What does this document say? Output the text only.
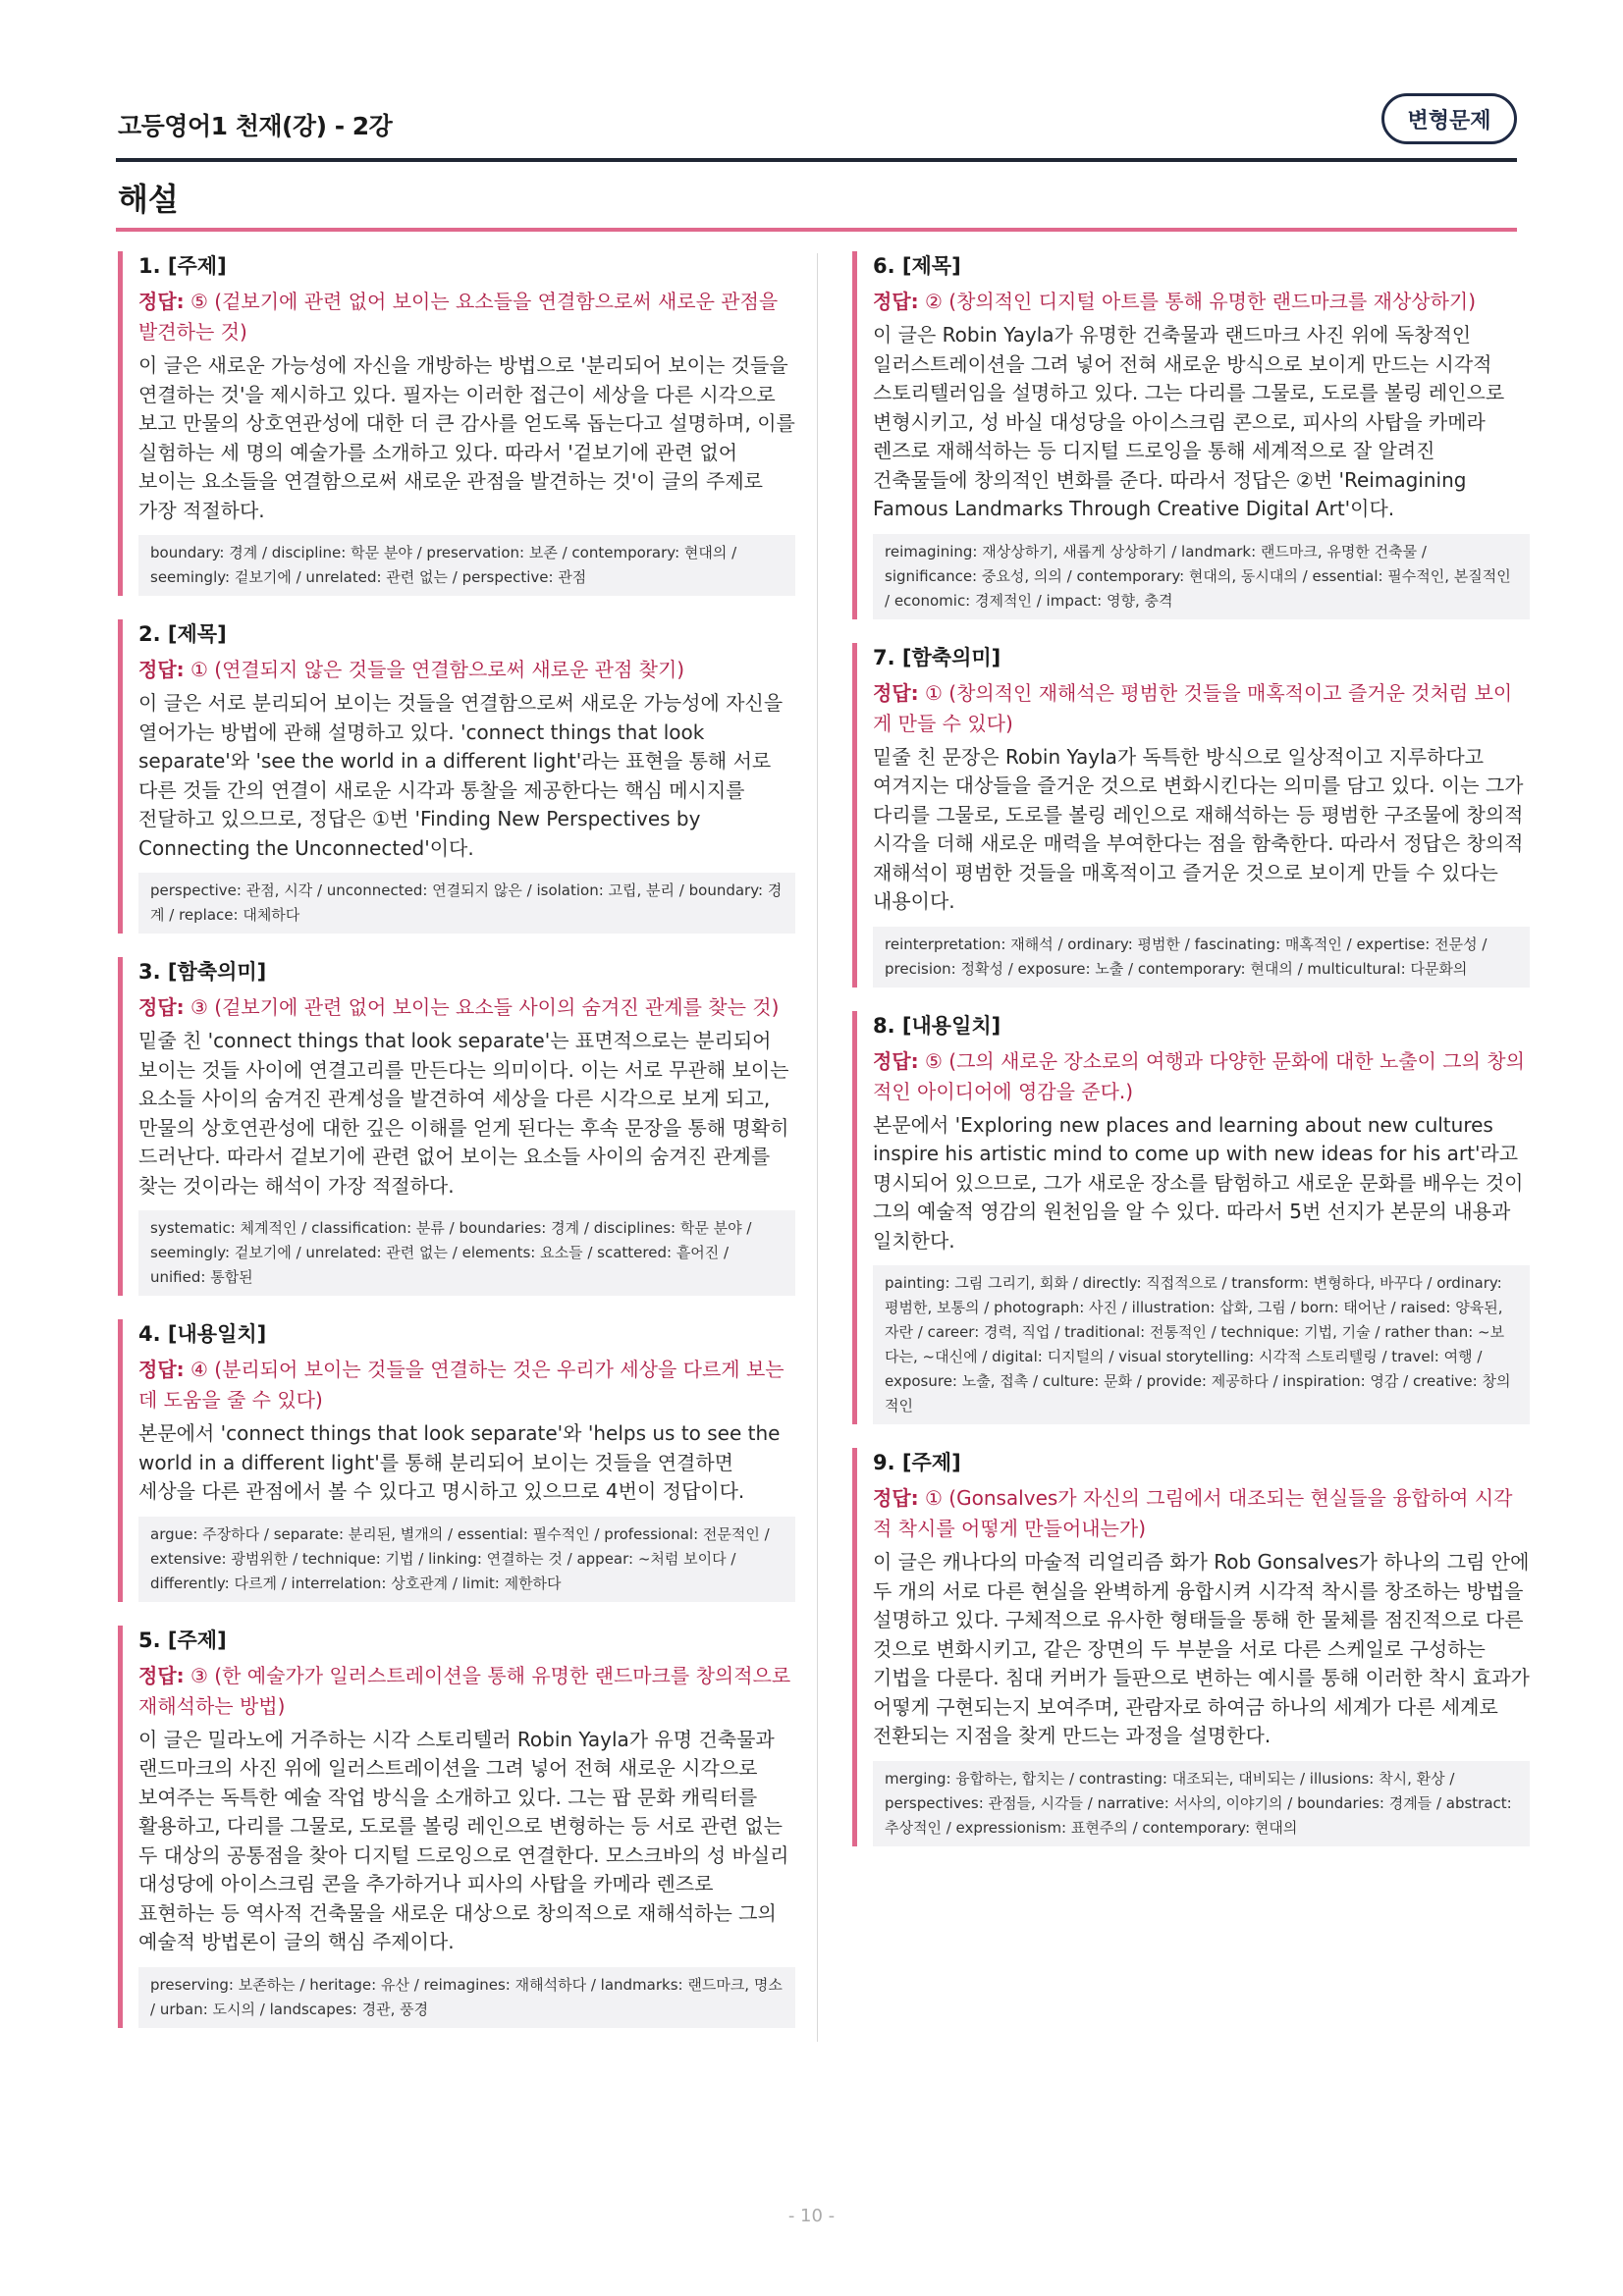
고등영어1 천재(강) - 2강	변형문제
해설
1. [주제]
정답: ⑤ (겉보기에 관련 없어 보이는 요소들을 연결함으로써 새로운 관점을 발견하는 것)
이 글은 새로운 가능성에 자신을 개방하는 방법으로 '분리되어 보이는 것들을 연결하는 것'을 제시하고 있다. 필자는 이러한 접근이 세상을 다른 시각으로 보고 만물의 상호연관성에 대한 더 큰 감사를 얻도록 돕는다고 설명하며, 이를 실험하는 세 명의 예술가를 소개하고 있다. 따라서 '겉보기에 관련 없어 보이는 요소들을 연결함으로써 새로운 관점을 발견하는 것'이 글의 주제로 가장 적절하다.
boundary: 경계 / discipline: 학문 분야 / preservation: 보존 / contemporary: 현대의 / seemingly: 겉보기에 / unrelated: 관련 없는 / perspective: 관점
2. [제목]
정답: ① (연결되지 않은 것들을 연결함으로써 새로운 관점 찾기)
이 글은 서로 분리되어 보이는 것들을 연결함으로써 새로운 가능성에 자신을 열어가는 방법에 관해 설명하고 있다. 'connect things that look separate'와 'see the world in a different light'라는 표현을 통해 서로 다른 것들 간의 연결이 새로운 시각과 통찰을 제공한다는 핵심 메시지를 전달하고 있으므로, 정답은 ①번 'Finding New Perspectives by Connecting the Unconnected'이다.
perspective: 관점, 시각 / unconnected: 연결되지 않은 / isolation: 고립, 분리 / boundary: 경계 / replace: 대체하다
3. [함축의미]
정답: ③ (겉보기에 관련 없어 보이는 요소들 사이의 숨겨진 관계를 찾는 것)
밑줄 친 'connect things that look separate'는 표면적으로는 분리되어 보이는 것들 사이에 연결고리를 만든다는 의미이다. 이는 서로 무관해 보이는 요소들 사이의 숨겨진 관계성을 발견하여 세상을 다른 시각으로 보게 되고, 만물의 상호연관성에 대한 깊은 이해를 얻게 된다는 후속 문장을 통해 명확히 드러난다. 따라서 겉보기에 관련 없어 보이는 요소들 사이의 숨겨진 관계를 찾는 것이라는 해석이 가장 적절하다.
systematic: 체계적인 / classification: 분류 / boundaries: 경계 / disciplines: 학문 분야 / seemingly: 겉보기에 / unrelated: 관련 없는 / elements: 요소들 / scattered: 흩어진 / unified: 통합된
4. [내용일치]
정답: ④ (분리되어 보이는 것들을 연결하는 것은 우리가 세상을 다르게 보는데 도움을 줄 수 있다)
본문에서 'connect things that look separate'와 'helps us to see the world in a different light'를 통해 분리되어 보이는 것들을 연결하면 세상을 다른 관점에서 볼 수 있다고 명시하고 있으므로 4번이 정답이다.
argue: 주장하다 / separate: 분리된, 별개의 / essential: 필수적인 / professional: 전문적인 / extensive: 광범위한 / technique: 기법 / linking: 연결하는 것 / appear: ~처럼 보이다 / differently: 다르게 / interrelation: 상호관계 / limit: 제한하다
5. [주제]
정답: ③ (한 예술가가 일러스트레이션을 통해 유명한 랜드마크를 창의적으로 재해석하는 방법)
이 글은 밀라노에 거주하는 시각 스토리텔러 Robin Yayla가 유명 건축물과 랜드마크의 사진 위에 일러스트레이션을 그려 넣어 전혀 새로운 시각으로 보여주는 독특한 예술 작업 방식을 소개하고 있다. 그는 팝 문화 캐릭터를 활용하고, 다리를 그물로, 도로를 볼링 레인으로 변형하는 등 서로 관련 없는 두 대상의 공통점을 찾아 디지털 드로잉으로 연결한다. 모스크바의 성 바실리 대성당에 아이스크림 콘을 추가하거나 피사의 사탑을 카메라 렌즈로 표현하는 등 역사적 건축물을 새로운 대상으로 창의적으로 재해석하는 그의 예술적 방법론이 글의 핵심 주제이다.
preserving: 보존하는 / heritage: 유산 / reimagines: 재해석하다 / landmarks: 랜드마크, 명소 / urban: 도시의 / landscapes: 경관, 풍경
6. [제목]
정답: ② (창의적인 디지털 아트를 통해 유명한 랜드마크를 재상상하기)
이 글은 Robin Yayla가 유명한 건축물과 랜드마크 사진 위에 독창적인 일러스트레이션을 그려 넣어 전혀 새로운 방식으로 보이게 만드는 시각적 스토리텔러임을 설명하고 있다. 그는 다리를 그물로, 도로를 볼링 레인으로 변형시키고, 성 바실 대성당을 아이스크림 콘으로, 피사의 사탑을 카메라 렌즈로 재해석하는 등 디지털 드로잉을 통해 세계적으로 잘 알려진 건축물들에 창의적인 변화를 준다. 따라서 정답은 ②번 'Reimagining Famous Landmarks Through Creative Digital Art'이다.
reimagining: 재상상하기, 새롭게 상상하기 / landmark: 랜드마크, 유명한 건축물 / significance: 중요성, 의의 / contemporary: 현대의, 동시대의 / essential: 필수적인, 본질적인 / economic: 경제적인 / impact: 영향, 충격
7. [함축의미]
정답: ① (창의적인 재해석은 평범한 것들을 매혹적이고 즐거운 것처럼 보이게 만들 수 있다)
밑줄 친 문장은 Robin Yayla가 독특한 방식으로 일상적이고 지루하다고 여겨지는 대상들을 즐거운 것으로 변화시킨다는 의미를 담고 있다. 이는 그가 다리를 그물로, 도로를 볼링 레인으로 재해석하는 등 평범한 구조물에 창의적 시각을 더해 새로운 매력을 부여한다는 점을 함축한다. 따라서 정답은 창의적 재해석이 평범한 것들을 매혹적이고 즐거운 것으로 보이게 만들 수 있다는 내용이다.
reinterpretation: 재해석 / ordinary: 평범한 / fascinating: 매혹적인 / expertise: 전문성 / precision: 정확성 / exposure: 노출 / contemporary: 현대의 / multicultural: 다문화의
8. [내용일치]
정답: ⑤ (그의 새로운 장소로의 여행과 다양한 문화에 대한 노출이 그의 창의적인 아이디어에 영감을 준다.)
본문에서 'Exploring new places and learning about new cultures inspire his artistic mind to come up with new ideas for his art'라고 명시되어 있으므로, 그가 새로운 장소를 탐험하고 새로운 문화를 배우는 것이 그의 예술적 영감의 원천임을 알 수 있다. 따라서 5번 선지가 본문의 내용과 일치한다.
painting: 그림 그리기, 회화 / directly: 직접적으로 / transform: 변형하다, 바꾸다 / ordinary: 평범한, 보통의 / photograph: 사진 / illustration: 삽화, 그림 / born: 태어난 / raised: 양육된, 자란 / career: 경력, 직업 / traditional: 전통적인 / technique: 기법, 기술 / rather than: ~보다는, ~대신에 / digital: 디지털의 / visual storytelling: 시각적 스토리텔링 / travel: 여행 / exposure: 노출, 접촉 / culture: 문화 / provide: 제공하다 / inspiration: 영감 / creative: 창의적인
9. [주제]
정답: ① (Gonsalves가 자신의 그림에서 대조되는 현실들을 융합하여 시각적 착시를 어떻게 만들어내는가)
이 글은 캐나다의 마술적 리얼리즘 화가 Rob Gonsalves가 하나의 그림 안에 두 개의 서로 다른 현실을 완벽하게 융합시켜 시각적 착시를 창조하는 방법을 설명하고 있다. 구체적으로 유사한 형태들을 통해 한 물체를 점진적으로 다른 것으로 변화시키고, 같은 장면의 두 부분을 서로 다른 스케일로 구성하는 기법을 다룬다. 침대 커버가 들판으로 변하는 예시를 통해 이러한 착시 효과가 어떻게 구현되는지 보여주며, 관람자로 하여금 하나의 세계가 다른 세계로 전환되는 지점을 찾게 만드는 과정을 설명한다.
merging: 융합하는, 합치는 / contrasting: 대조되는, 대비되는 / illusions: 착시, 환상 / perspectives: 관점들, 시각들 / narrative: 서사의, 이야기의 / boundaries: 경계들 / abstract: 추상적인 / expressionism: 표현주의 / contemporary: 현대의
- 10 -
